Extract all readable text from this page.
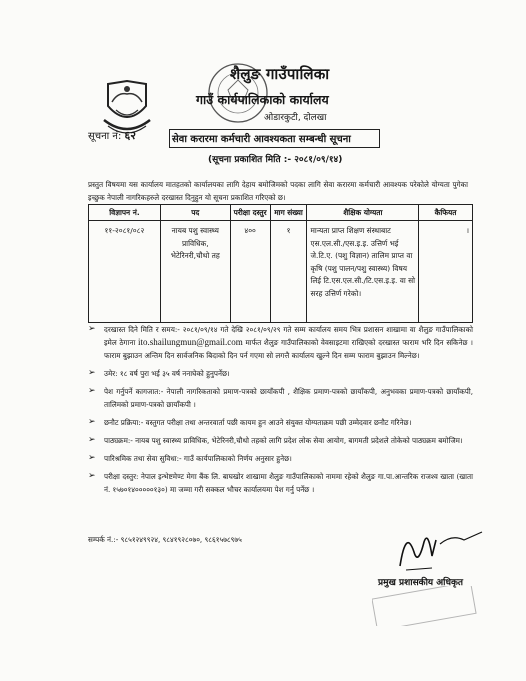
शैलुङ गाउँपालिका
गाउँ कार्यपालिकाको कार्यालय
ओडारकुटी, दोलखा
सूचना नं: ६२	सेवा करारमा कर्मचारी आवश्यकता सम्बन्धी सूचना
(सूचना प्रकाशित मिति :- २०८१/०९/१४)

प्रस्तुत विषयमा यस कार्यालय मातहतको कार्यालयका लागि देहाय बमोजिमको पदका लागि सेवा करारमा कर्मचारी आवश्यक परेकोले योग्यता पुगेका इच्छुक नेपाली नागरिकहरुले दरखास्त दिनुहुन यो सूचना प्रकाशित गरिएको छ।

विज्ञापन नं.	पद	परीक्षा दस्तुर	माग संख्या	शैक्षिक योग्यता	कैफियत
११-२०८१/०८२	नायब पशु स्वास्थ्य प्राविधिक, भेटेरिनरी,चौथो तह	४००	१	मान्यता प्राप्त शिक्षण संस्थाबाट एस.एल.सी./एस.इ.इ. उत्तिर्ण भई जे.टि.ए. (पशु विज्ञान) तालिम प्राप्त वा कृषि (पशु पालन/पशु स्वास्थ्य) विषय लिई टि.एस.एल.सी./टि.एस.इ.इ. वा सो सरह उत्तिर्ण गरेको।	।
➢ दरखास्त दिने मिति र समय:- २०८१/०९/१४ गते देखि २०८१/०९/२९ गते सम्म कार्यालय समय भित्र प्रशासन शाखामा वा शैलुङ गाउँपालिकाको इमेल ठेगाना ito.shailungmun@gmail.com मार्फत शैलुङ गाउँपालिकाको वेवसाइटमा राखिएको दरखास्त फाराम भरि दिन सकिनेछ । फाराम बुझाउन अन्तिम दिन सार्वजनिक बिदाको दिन पर्न गएमा सो लगत्तै कार्यालय खुल्ने दिन सम्म फाराम बुझाउन मिल्नेछ।
➢ उमेर: १८ वर्ष पुरा भई ३५ वर्ष ननाघेको हुनुपर्नेछ।
➢ पेश गर्नुपर्ने कागजात:- नेपाली नागरिकताको प्रमाण-पत्रको छायाँकपी , शैक्षिक प्रमाण-पत्रको छायाँकपी, अनुभवका प्रमाण-पत्रको छायाँकपी, तालिमको प्रमाण-पत्रको छायाँकपी ।
➢ छनौट प्रक्रिया:- वस्तुगत परीक्षा तथा अन्तरवार्ता पछी कायम हुन आउने संयुक्त योग्यताक्रम पछी उम्मेदवार छनौट गरिनेछ।
➢ पाठ्यक्रम:- नायब पशु स्वास्थ्य प्राविधिक, भेटेरिनरी,चौथो तहको लागि प्रदेश लोक सेवा आयोग, बागमती प्रदेशले तोकेको पाठ्यक्रम बमोजिम।
➢ पारिश्रमिक तथा सेवा सुविधा:- गाउँ कार्यपालिकाको निर्णय अनुसार हुनेछ।
➢ परीक्षा दस्तुर: नेपाल इन्भेष्टमेण्ट मेगा बैंक लि. बाघखोर शाखामा शैलुङ गाउँपालिकाको नाममा रहेको शैलुङ गा.पा.आन्तरिक राजश्व खाता (खाता नं. १५७०१४०००००१३०) मा जम्मा गरी सक्कल भौचर कार्यालयमा पेश गर्नु पर्नेछ ।
सम्पर्क नं.:- ९८५१२४९९२४, ९८४१९२८०७०, ९८६१५७८९७५
प्रमुख प्रशासकीय अधिकृत
